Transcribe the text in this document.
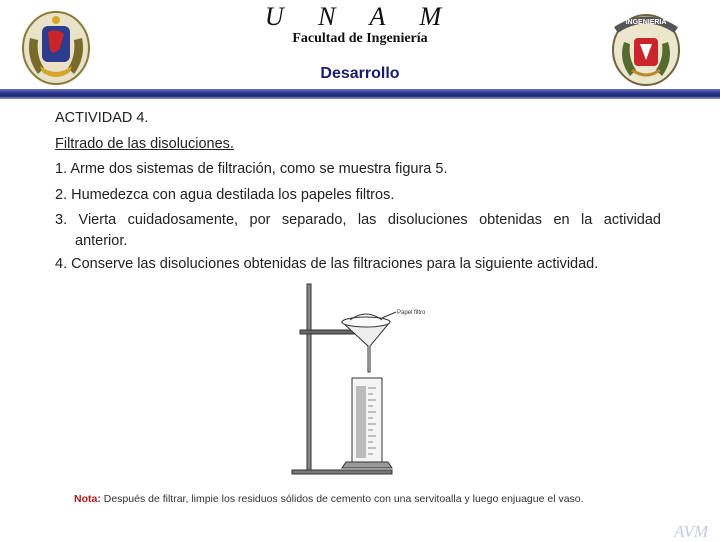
INGENIERIA
U N A M
Facultad de Ingeniería
Desarrollo
ACTIVIDAD 4.
Filtrado de las disoluciones.
1. Arme dos sistemas de filtración, como se muestra figura 5.
2. Humedezca con agua destilada los papeles filtros.
3. Vierta cuidadosamente, por separado, las disoluciones obtenidas en la actividad
anterior.
4. Conserve las disoluciones obtenidas de las filtraciones para la siguiente actividad.
Papel filtro
Nota: Después de filtrar, limpie los residuos sólidos de cemento con una servitoalla y luego enjuague el vaso.
AVM
